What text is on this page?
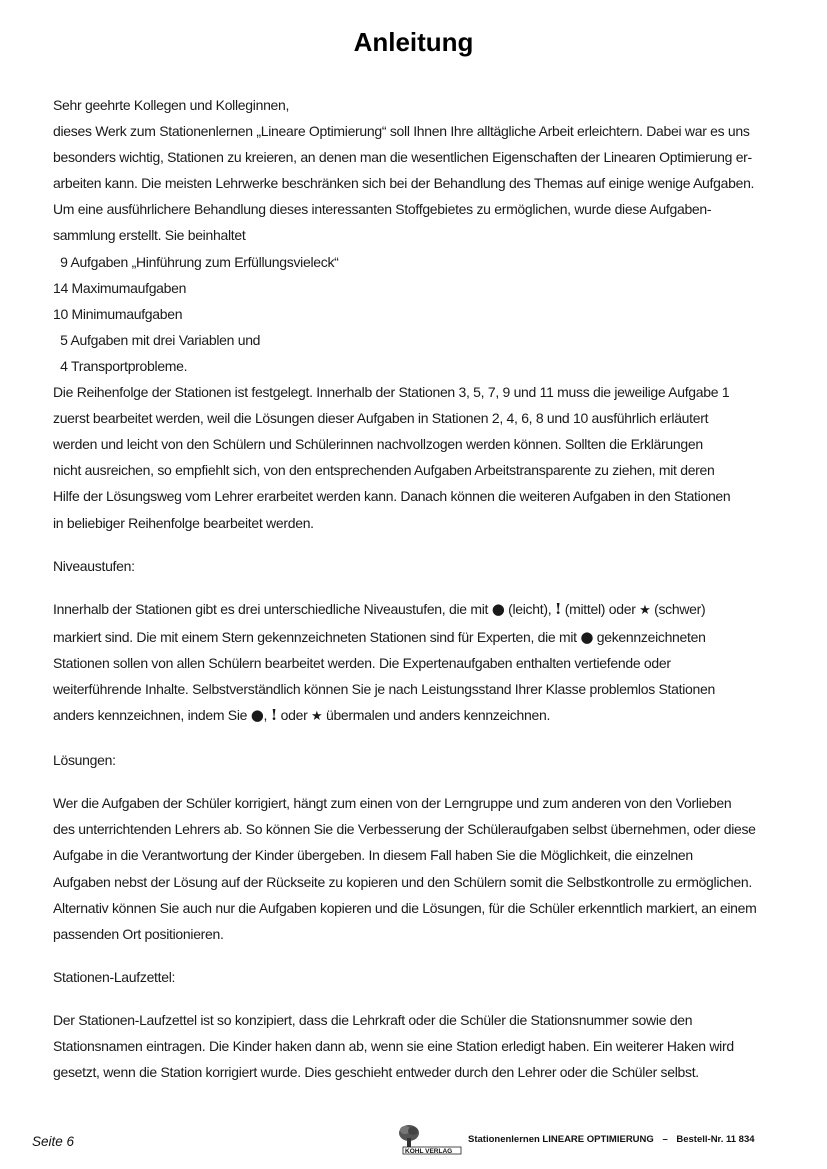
Anleitung
Sehr geehrte Kollegen und Kolleginnen,
dieses Werk zum Stationenlernen „Lineare Optimierung“ soll Ihnen Ihre alltägliche Arbeit erleichtern. Dabei war es uns
besonders wichtig, Stationen zu kreieren, an denen man die wesentlichen Eigenschaften der Linearen Optimierung er-
arbeiten kann. Die meisten Lehrwerke beschränken sich bei der Behandlung des Themas auf einige wenige Aufgaben.
Um eine ausführlichere Behandlung dieses interessanten Stoffgebietes zu ermöglichen, wurde diese Aufgaben-
sammlung erstellt. Sie beinhaltet
9 Aufgaben „Hinführung zum Erfüllungsvieleck“
14 Maximumaufgaben
10 Minimumaufgaben
5 Aufgaben mit drei Variablen und
4 Transportprobleme.
Die Reihenfolge der Stationen ist festgelegt. Innerhalb der Stationen 3, 5, 7, 9 und 11 muss die jeweilige Aufgabe 1
zuerst bearbeitet werden, weil die Lösungen dieser Aufgaben in Stationen 2, 4, 6, 8 und 10 ausführlich erläutert
werden und leicht von den Schülern und Schülerinnen nachvollzogen werden können. Sollten die Erklärungen
nicht ausreichen, so empfiehlt sich, von den entsprechenden Aufgaben Arbeitstransparente zu ziehen, mit deren
Hilfe der Lösungsweg vom Lehrer erarbeitet werden kann. Danach können die weiteren Aufgaben in den Stationen
in beliebiger Reihenfolge bearbeitet werden.
Niveaustufen:
Innerhalb der Stationen gibt es drei unterschiedliche Niveaustufen, die mit ● (leicht), ! (mittel) oder ★ (schwer)
markiert sind. Die mit einem Stern gekennzeichneten Stationen sind für Experten, die mit ● gekennzeichneten
Stationen sollen von allen Schülern bearbeitet werden. Die Expertenaufgaben enthalten vertiefende oder
weiterführende Inhalte. Selbstverständlich können Sie je nach Leistungsstand Ihrer Klasse problemlos Stationen
anders kennzeichnen, indem Sie ●, ! oder ★ übermalen und anders kennzeichnen.
Lösungen:
Wer die Aufgaben der Schüler korrigiert, hängt zum einen von der Lerngruppe und zum anderen von den Vorlieben
des unterrichtenden Lehrers ab. So können Sie die Verbesserung der Schüleraufgaben selbst übernehmen, oder diese
Aufgabe in die Verantwortung der Kinder übergeben. In diesem Fall haben Sie die Möglichkeit, die einzelnen
Aufgaben nebst der Lösung auf der Rückseite zu kopieren und den Schülern somit die Selbstkontrolle zu ermöglichen.
Alternativ können Sie auch nur die Aufgaben kopieren und die Lösungen, für die Schüler erkenntlich markiert, an einem
passenden Ort positionieren.
Stationen-Laufzettel:
Der Stationen-Laufzettel ist so konzipiert, dass die Lehrkraft oder die Schüler die Stationsnummer sowie den
Stationsnamen eintragen. Die Kinder haken dann ab, wenn sie eine Station erledigt haben. Ein weiterer Haken wird
gesetzt, wenn die Station korrigiert wurde. Dies geschieht entweder durch den Lehrer oder die Schüler selbst.
Seite 6
KOHL VERLAG
Stationenlernen LINEARE OPTIMIERUNG – Bestell-Nr. 11 834
